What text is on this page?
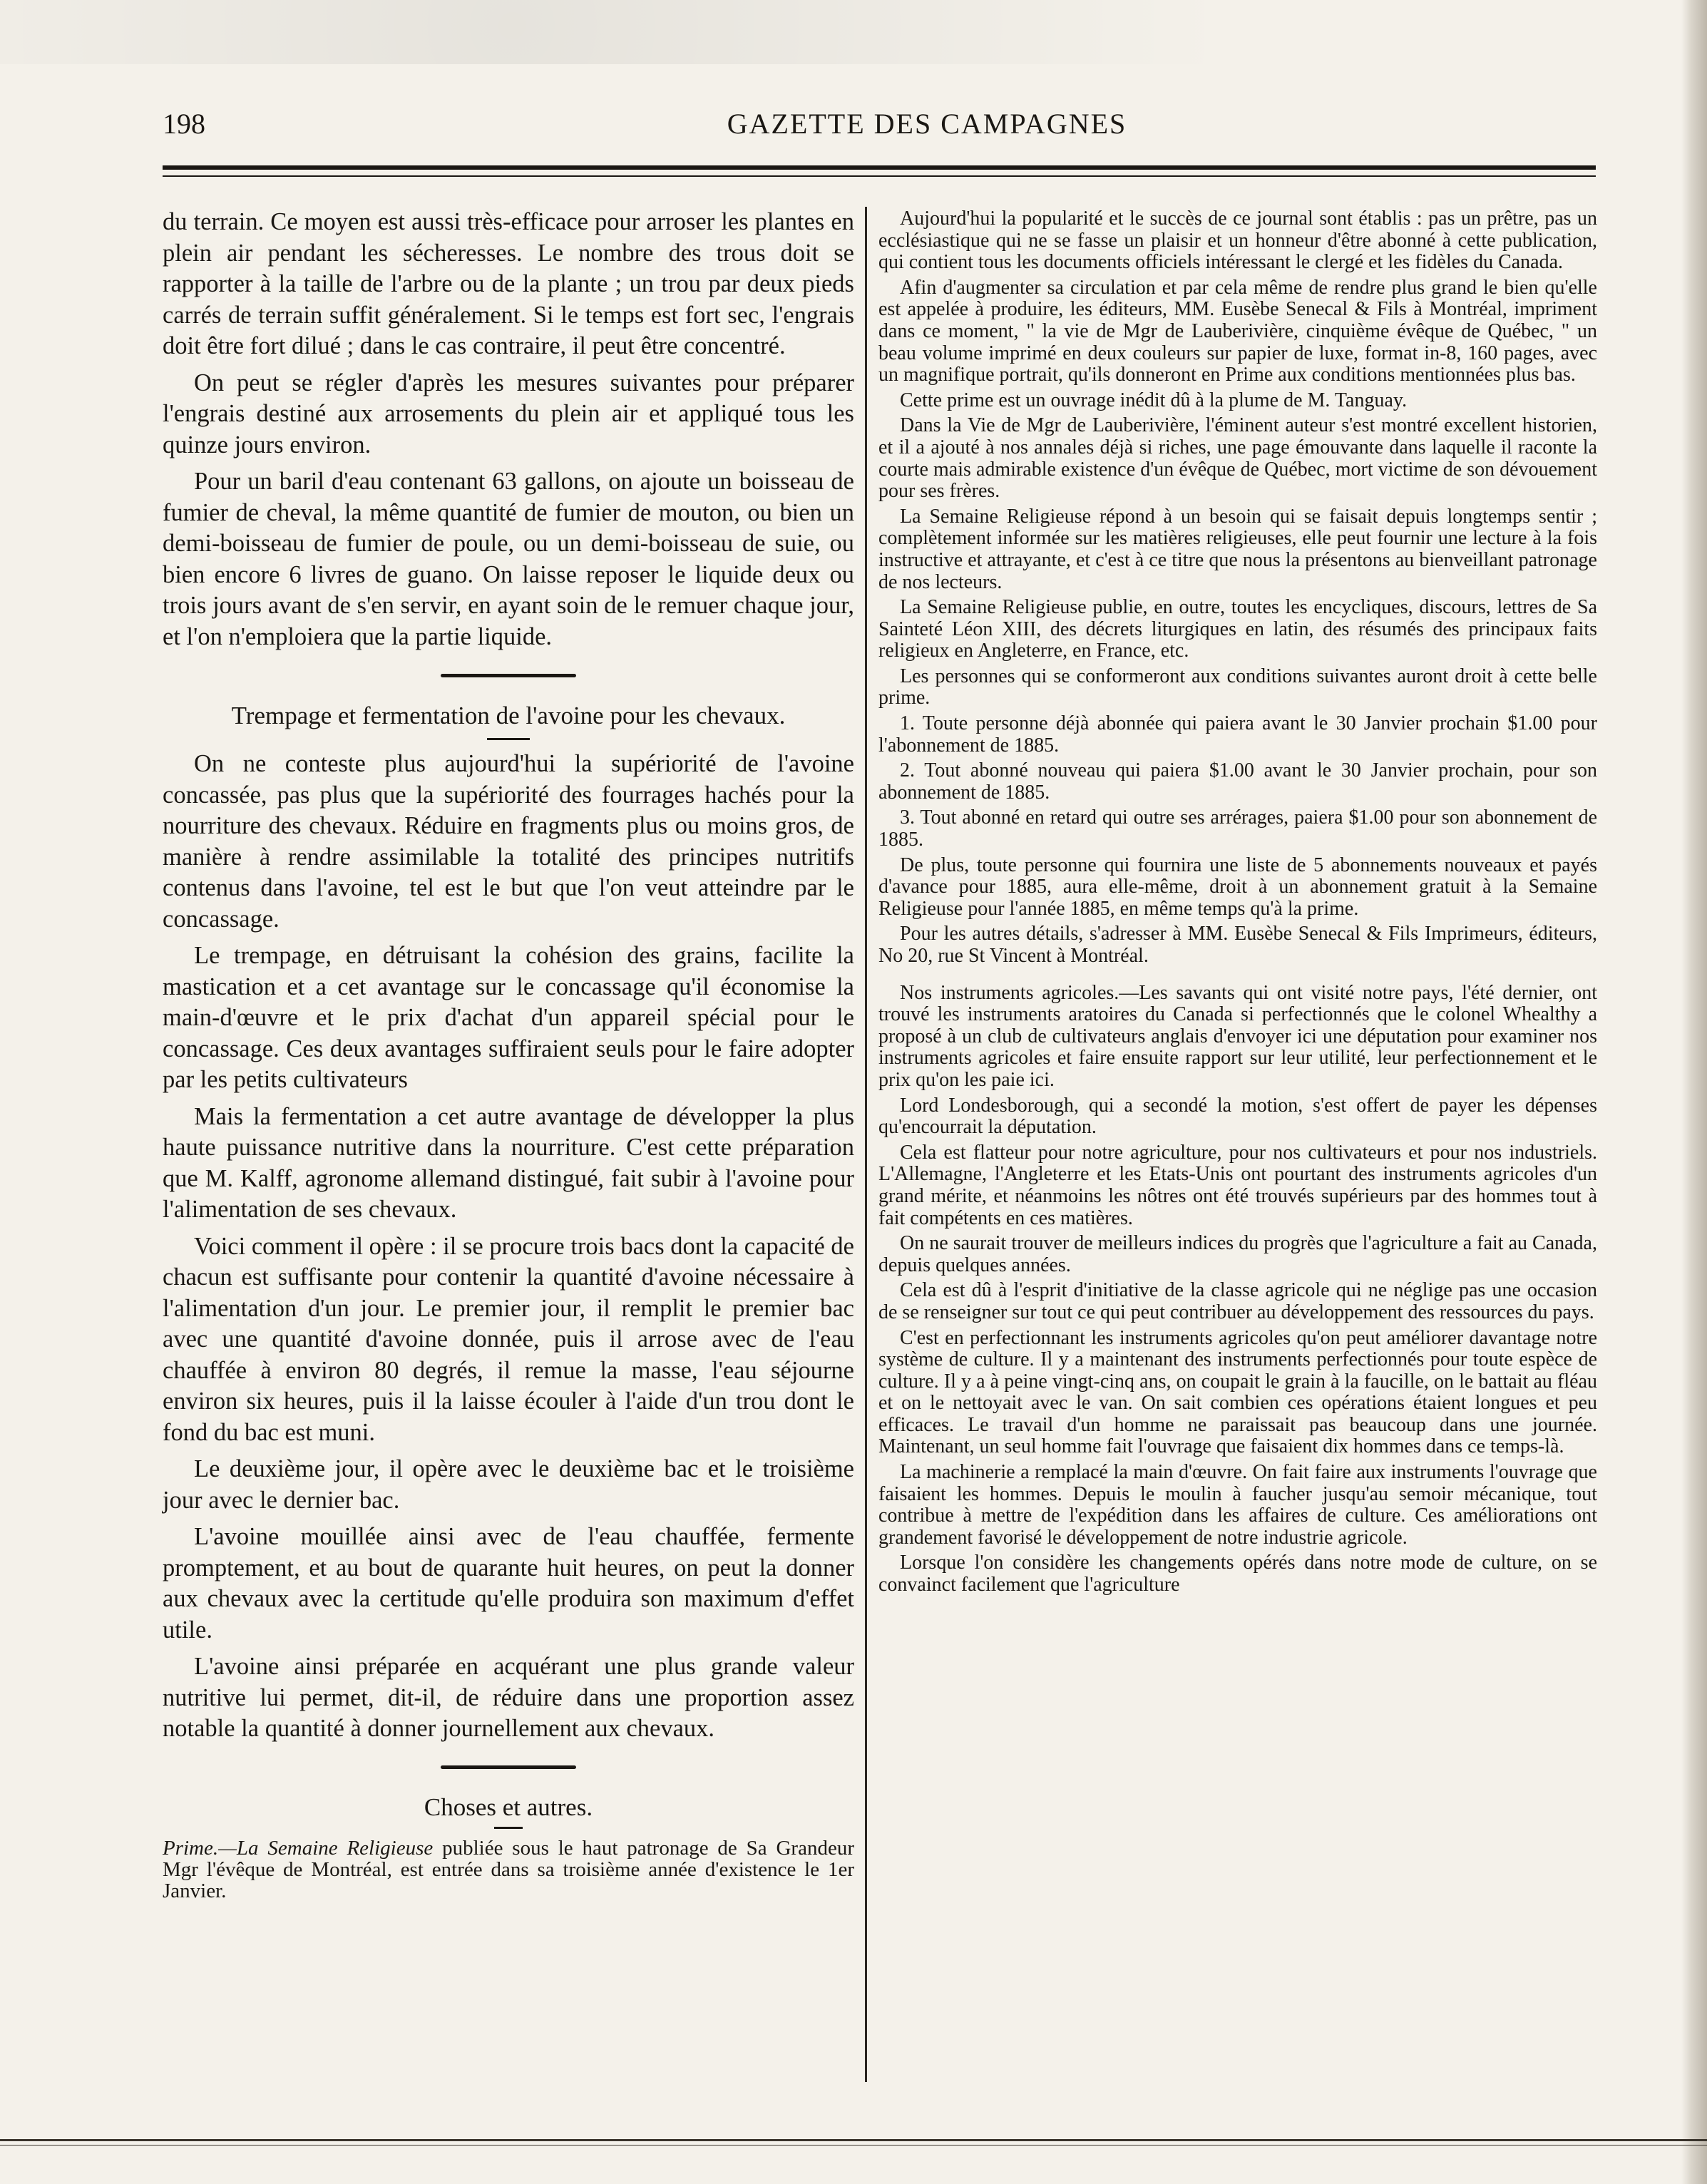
198	GAZETTE DES CAMPAGNES

du terrain. Ce moyen est aussi très-efficace pour arroser les plantes en plein air pendant les sécheresses. Le nombre des trous doit se rapporter à la taille de l'arbre ou de la plante ; un trou par deux pieds carrés de terrain suffit généralement. Si le temps est fort sec, l'engrais doit être fort dilué ; dans le cas contraire, il peut être concentré.

On peut se régler d'après les mesures suivantes pour préparer l'engrais destiné aux arrosements du plein air et appliqué tous les quinze jours environ.

Pour un baril d'eau contenant 63 gallons, on ajoute un boisseau de fumier de cheval, la même quantité de fumier de mouton, ou bien un demi-boisseau de fumier de poule, ou un demi-boisseau de suie, ou bien encore 6 livres de guano. On laisse reposer le liquide deux ou trois jours avant de s'en servir, en ayant soin de le remuer chaque jour, et l'on n'emploiera que la partie liquide.

Trempage et fermentation de l'avoine pour les chevaux.

On ne conteste plus aujourd'hui la supériorité de l'avoine concassée, pas plus que la supériorité des fourrages hachés pour la nourriture des chevaux. Réduire en fragments plus ou moins gros, de manière à rendre assimilable la totalité des principes nutritifs contenus dans l'avoine, tel est le but que l'on veut atteindre par le concassage.

Le trempage, en détruisant la cohésion des grains, facilite la mastication et a cet avantage sur le concassage qu'il économise la main-d'œuvre et le prix d'achat d'un appareil spécial pour le concassage. Ces deux avantages suffiraient seuls pour le faire adopter par les petits cultivateurs

Mais la fermentation a cet autre avantage de développer la plus haute puissance nutritive dans la nourriture. C'est cette préparation que M. Kalff, agronome allemand distingué, fait subir à l'avoine pour l'alimentation de ses chevaux.

Voici comment il opère : il se procure trois bacs dont la capacité de chacun est suffisante pour contenir la quantité d'avoine nécessaire à l'alimentation d'un jour. Le premier jour, il remplit le premier bac avec une quantité d'avoine donnée, puis il arrose avec de l'eau chauffée à environ 80 degrés, il remue la masse, l'eau séjourne environ six heures, puis il la laisse écouler à l'aide d'un trou dont le fond du bac est muni.

Le deuxième jour, il opère avec le deuxième bac et le troisième jour avec le dernier bac.

L'avoine mouillée ainsi avec de l'eau chauffée, fermente promptement, et au bout de quarante huit heures, on peut la donner aux chevaux avec la certitude qu'elle produira son maximum d'effet utile.

L'avoine ainsi préparée en acquérant une plus grande valeur nutritive lui permet, dit-il, de réduire dans une proportion assez notable la quantité à donner journellement aux chevaux.

Choses et autres.

Prime.—La Semaine Religieuse publiée sous le haut patronage de Sa Grandeur Mgr l'évêque de Montréal, est entrée dans sa troisième année d'existence le 1er Janvier.

Aujourd'hui la popularité et le succès de ce journal sont établis : pas un prêtre, pas un ecclésiastique qui ne se fasse un plaisir et un honneur d'être abonné à cette publication, qui contient tous les documents officiels intéressant le clergé et les fidèles du Canada.

Afin d'augmenter sa circulation et par cela même de rendre plus grand le bien qu'elle est appelée à produire, les éditeurs, MM. Eusèbe Senecal & Fils à Montréal, impriment dans ce moment, " la vie de Mgr de Lauberivière, cinquième évêque de Québec, " un beau volume imprimé en deux couleurs sur papier de luxe, format in-8, 160 pages, avec un magnifique portrait, qu'ils donneront en Prime aux conditions mentionnées plus bas.

Cette prime est un ouvrage inédit dû à la plume de M. Tanguay.

Dans la Vie de Mgr de Lauberivière, l'éminent auteur s'est montré excellent historien, et il a ajouté à nos annales déjà si riches, une page émouvante dans laquelle il raconte la courte mais admirable existence d'un évêque de Québec, mort victime de son dévouement pour ses frères.

La Semaine Religieuse répond à un besoin qui se faisait depuis longtemps sentir ; complètement informée sur les matières religieuses, elle peut fournir une lecture à la fois instructive et attrayante, et c'est à ce titre que nous la présentons au bienveillant patronage de nos lecteurs.

La Semaine Religieuse publie, en outre, toutes les encycliques, discours, lettres de Sa Sainteté Léon XIII, des décrets liturgiques en latin, des résumés des principaux faits religieux en Angleterre, en France, etc.

Les personnes qui se conformeront aux conditions suivantes auront droit à cette belle prime.

1. Toute personne déjà abonnée qui paiera avant le 30 Janvier prochain $1.00 pour l'abonnement de 1885.

2. Tout abonné nouveau qui paiera $1.00 avant le 30 Janvier prochain, pour son abonnement de 1885.

3. Tout abonné en retard qui outre ses arrérages, paiera $1.00 pour son abonnement de 1885.

De plus, toute personne qui fournira une liste de 5 abonnements nouveaux et payés d'avance pour 1885, aura elle-même, droit à un abonnement gratuit à la Semaine Religieuse pour l'année 1885, en même temps qu'à la prime.

Pour les autres détails, s'adresser à MM. Eusèbe Senecal & Fils Imprimeurs, éditeurs, No 20, rue St Vincent à Montréal.

Nos instruments agricoles.—Les savants qui ont visité notre pays, l'été dernier, ont trouvé les instruments aratoires du Canada si perfectionnés que le colonel Whealthy a proposé à un club de cultivateurs anglais d'envoyer ici une députation pour examiner nos instruments agricoles et faire ensuite rapport sur leur utilité, leur perfectionnement et le prix qu'on les paie ici.

Lord Londesborough, qui a secondé la motion, s'est offert de payer les dépenses qu'encourrait la députation.

Cela est flatteur pour notre agriculture, pour nos cultivateurs et pour nos industriels. L'Allemagne, l'Angleterre et les Etats-Unis ont pourtant des instruments agricoles d'un grand mérite, et néanmoins les nôtres ont été trouvés supérieurs par des hommes tout à fait compétents en ces matières.

On ne saurait trouver de meilleurs indices du progrès que l'agriculture a fait au Canada, depuis quelques années.

Cela est dû à l'esprit d'initiative de la classe agricole qui ne néglige pas une occasion de se renseigner sur tout ce qui peut contribuer au développement des ressources du pays.

C'est en perfectionnant les instruments agricoles qu'on peut améliorer davantage notre système de culture. Il y a maintenant des instruments perfectionnés pour toute espèce de culture. Il y a à peine vingt-cinq ans, on coupait le grain à la faucille, on le battait au fléau et on le nettoyait avec le van. On sait combien ces opérations étaient longues et peu efficaces. Le travail d'un homme ne paraissait pas beaucoup dans une journée. Maintenant, un seul homme fait l'ouvrage que faisaient dix hommes dans ce temps-là.

La machinerie a remplacé la main d'œuvre. On fait faire aux instruments l'ouvrage que faisaient les hommes. Depuis le moulin à faucher jusqu'au semoir mécanique, tout contribue à mettre de l'expédition dans les affaires de culture. Ces améliorations ont grandement favorisé le développement de notre industrie agricole.

Lorsque l'on considère les changements opérés dans notre mode de culture, on se convainct facilement que l'agriculture
